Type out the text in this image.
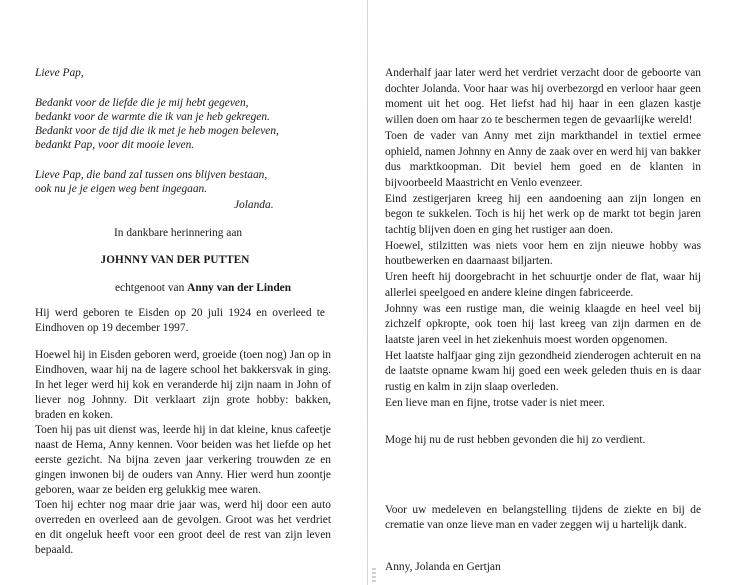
Lieve Pap,
Bedankt voor de liefde die je mij hebt gegeven,
bedankt voor de warmte die ik van je heb gekregen.
Bedankt voor de tijd die ik met je heb mogen beleven,
bedankt Pap, voor dit mooie leven.
Lieve Pap, die band zal tussen ons blijven bestaan,
ook nu je je eigen weg bent ingegaan.
Jolanda.
In dankbare herinnering aan
JOHNNY VAN DER PUTTEN
echtgenoot van Anny van der Linden

Hij werd geboren te Eisden op 20 juli 1924 en overleed te Eindhoven op 19 december 1997.

Hoewel hij in Eisden geboren werd, groeide (toen nog) Jan op in Eindhoven, waar hij na de lagere school het bakkersvak in ging. In het leger werd hij kok en veranderde hij zijn naam in John of liever nog Johnny. Dit verklaart zijn grote hobby: bakken, braden en koken.
Toen hij pas uit dienst was, leerde hij in dat kleine, knus cafeetje naast de Hema, Anny kennen. Voor beiden was het liefde op het eerste gezicht. Na bijna zeven jaar verkering trouwden ze en gingen inwonen bij de ouders van Anny. Hier werd hun zoontje geboren, waar ze beiden erg gelukkig mee waren.
Toen hij echter nog maar drie jaar was, werd hij door een auto overreden en overleed aan de gevolgen. Groot was het verdriet en dit ongeluk heeft voor een groot deel de rest van zijn leven bepaald.
Anderhalf jaar later werd het verdriet verzacht door de geboorte van dochter Jolanda. Voor haar was hij overbezorgd en verloor haar geen moment uit het oog. Het liefst had hij haar in een glazen kastje willen doen om haar zo te beschermen tegen de gevaarlijke wereld!
Toen de vader van Anny met zijn markthandel in textiel ermee ophield, namen Johnny en Anny de zaak over en werd hij van bakker dus marktkoopman. Dit beviel hem goed en de klanten in bijvoorbeeld Maastricht en Venlo evenzeer.
Eind zestigerjaren kreeg hij een aandoening aan zijn longen en begon te sukkelen. Toch is hij het werk op de markt tot begin jaren tachtig blijven doen en ging het rustiger aan doen.
Hoewel, stilzitten was niets voor hem en zijn nieuwe hobby was houtbewerken en daarnaast biljarten.
Uren heeft hij doorgebracht in het schuurtje onder de flat, waar hij allerlei speelgoed en andere kleine dingen fabriceerde.
Johnny was een rustige man, die weinig klaagde en heel veel bij zichzelf opkropte, ook toen hij last kreeg van zijn darmen en de laatste jaren veel in het ziekenhuis moest worden opgenomen.
Het laatste halfjaar ging zijn gezondheid zienderogen achteruit en na de laatste opname kwam hij goed een week geleden thuis en is daar rustig en kalm in zijn slaap overleden.
Een lieve man en fijne, trotse vader is niet meer.

Moge hij nu de rust hebben gevonden die hij zo verdient.

Voor uw medeleven en belangstelling tijdens de ziekte en bij de crematie van onze lieve man en vader zeggen wij u hartelijk dank.

Anny, Jolanda en Gertjan
